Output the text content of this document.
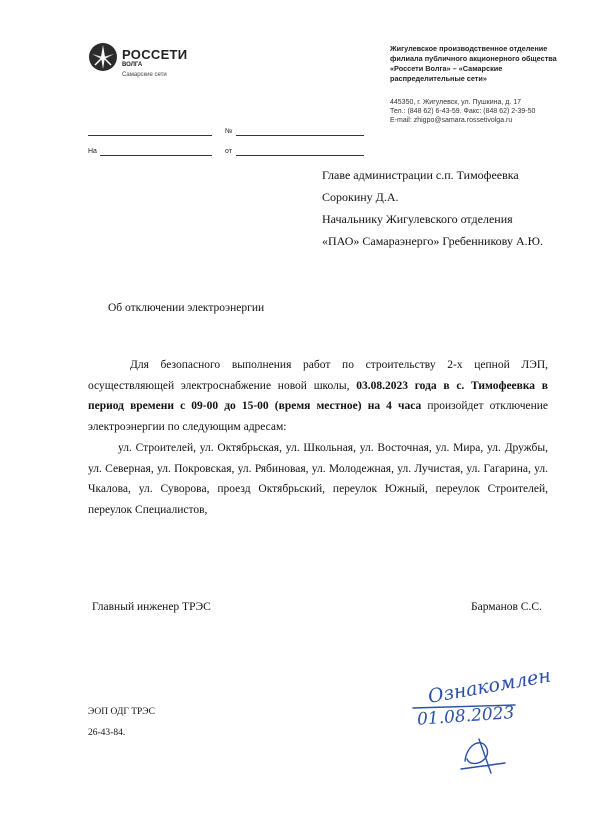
РОССЕТИ
ВОЛГА
Самарские сети
Жигулевское производственное отделение
филиала публичного акционерного общества
«Россети Волга» – «Самарские
распределительные сети»
445350, г. Жигулевск, ул. Пушкина, д. 17
Тел.: (848 62) 6-43-59. Факс: (848 62) 2-39-50
E-mail: zhigpo@samara.rossetivolga.ru
№
На	от
Главе администрации с.п. Тимофеевка
Сорокину Д.А.
Начальнику Жигулевского отделения
«ПАО» Самараэнерго» Гребенникову А.Ю.
Об отключении электроэнергии
Для безопасного выполнения работ по строительству 2-х цепной ЛЭП, осуществляющей электроснабжение новой школы, 03.08.2023 года в с. Тимофеевка в период времени с 09-00 до 15-00 (время местное) на 4 часа произойдет отключение электроэнергии по следующим адресам:
ул. Строителей, ул. Октябрьская, ул. Школьная, ул. Восточная, ул. Мира, ул. Дружбы, ул. Северная, ул. Покровская, ул. Рябиновая, ул. Молодежная, ул. Лучистая, ул. Гагарина, ул. Чкалова, ул. Суворова, проезд Октябрьский, переулок Южный, переулок Строителей, переулок Специалистов,
Главный инженер ТРЭС	Барманов С.С.
Ознакомлен
01.08.2023
ЭОП ОДГ ТРЭС
26-43-84.
